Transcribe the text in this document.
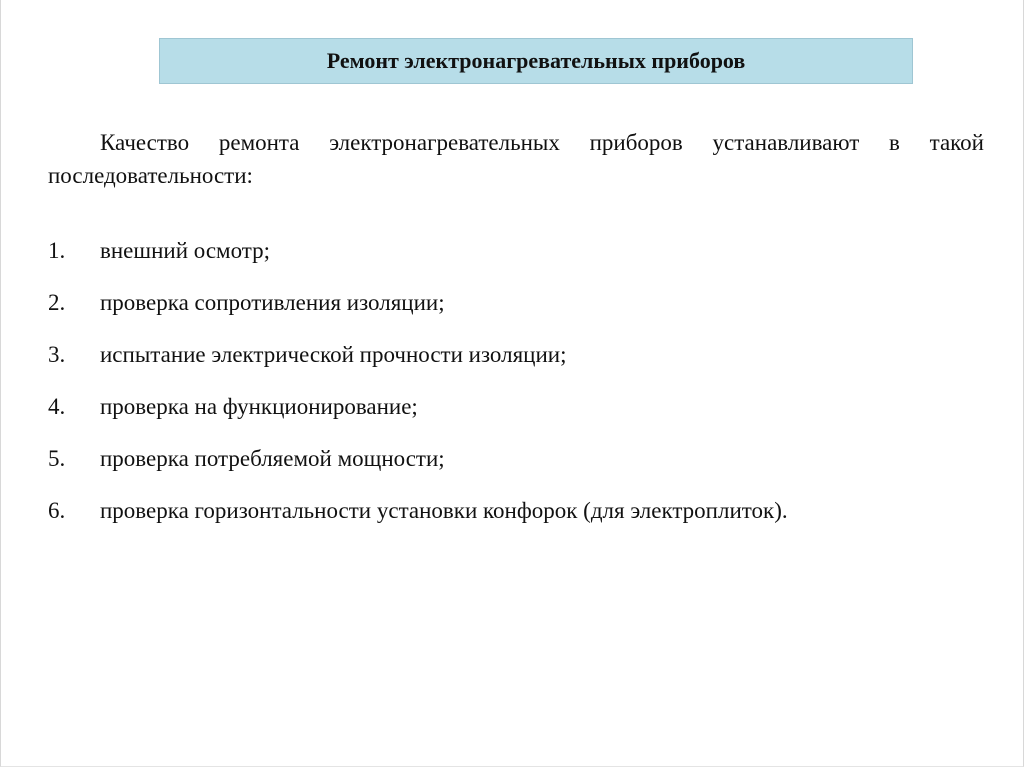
Ремонт электронагревательных приборов
Качество ремонта электронагревательных приборов устанавливают в такой последовательности:
1.	внешний осмотр;
2.	проверка сопротивления изоляции;
3.	испытание электрической прочности изоляции;
4.	проверка на функционирование;
5.	проверка потребляемой мощности;
6.	проверка горизонтальности установки конфорок (для электроплиток).
